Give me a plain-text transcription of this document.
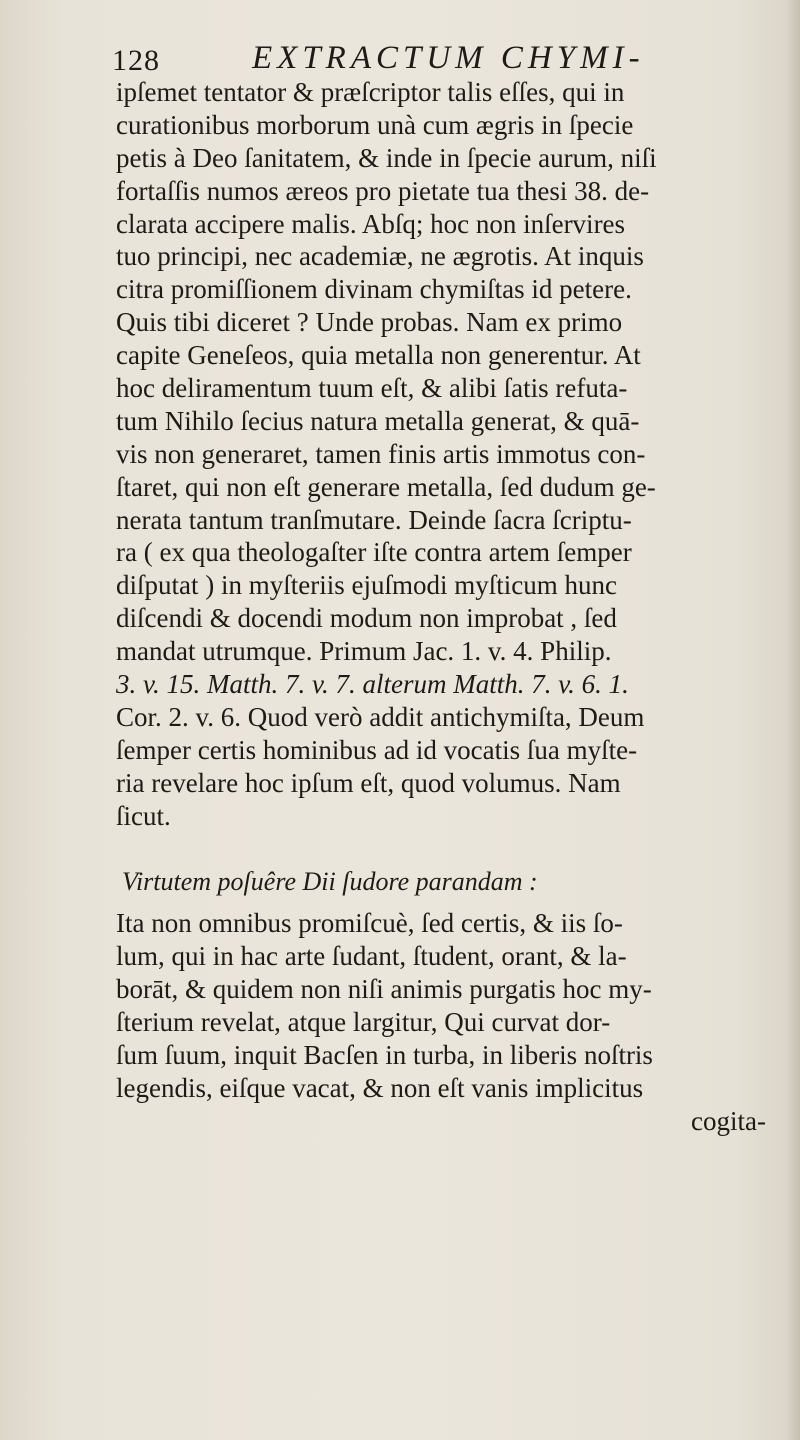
128	EXTRACTUM CHYMI-
ipſemet tentator & præſcriptor talis eſſes, qui in
curationibus morborum unà cum ægris in ſpecie
petis à Deo ſanitatem, & inde in ſpecie aurum, niſi
fortaſſis numos æreos pro pietate tua thesi 38. de-
clarata accipere malis. Abſq; hoc non inſervires
tuo principi, nec academiæ, ne ægrotis. At inquis
citra promiſſionem divinam chymiſtas id petere.
Quis tibi diceret ? Unde probas. Nam ex primo
capite Geneſeos, quia metalla non generentur. At
hoc deliramentum tuum eſt, & alibi ſatis refuta-
tum Nihilo ſecius natura metalla generat, & quā-
vis non generaret, tamen finis artis immotus con-
ſtaret, qui non eſt generare metalla, ſed dudum ge-
nerata tantum tranſmutare. Deinde ſacra ſcriptu-
ra ( ex qua theologaſter iſte contra artem ſemper
diſputat ) in myſteriis ejuſmodi myſticum hunc
diſcendi & docendi modum non improbat , ſed
mandat utrumque. Primum Jac. 1. v. 4. Philip.
3. v. 15. Matth. 7. v. 7. alterum Matth. 7. v. 6. 1.
Cor. 2. v. 6. Quod verò addit antichymiſta, Deum
ſemper certis hominibus ad id vocatis ſua myſte-
ria revelare hoc ipſum eſt, quod volumus. Nam
ſicut.
Virtutem poſuêre Dii ſudore parandam :
Ita non omnibus promiſcuè, ſed certis, & iis ſo-
lum, qui in hac arte ſudant, ſtudent, orant, & la-
borāt, & quidem non niſi animis purgatis hoc my-
ſterium revelat, atque largitur, Qui curvat dor-
ſum ſuum, inquit Bacſen in turba, in liberis noſtris
legendis, eiſque vacat, & non eſt vanis implicitus
cogita-
